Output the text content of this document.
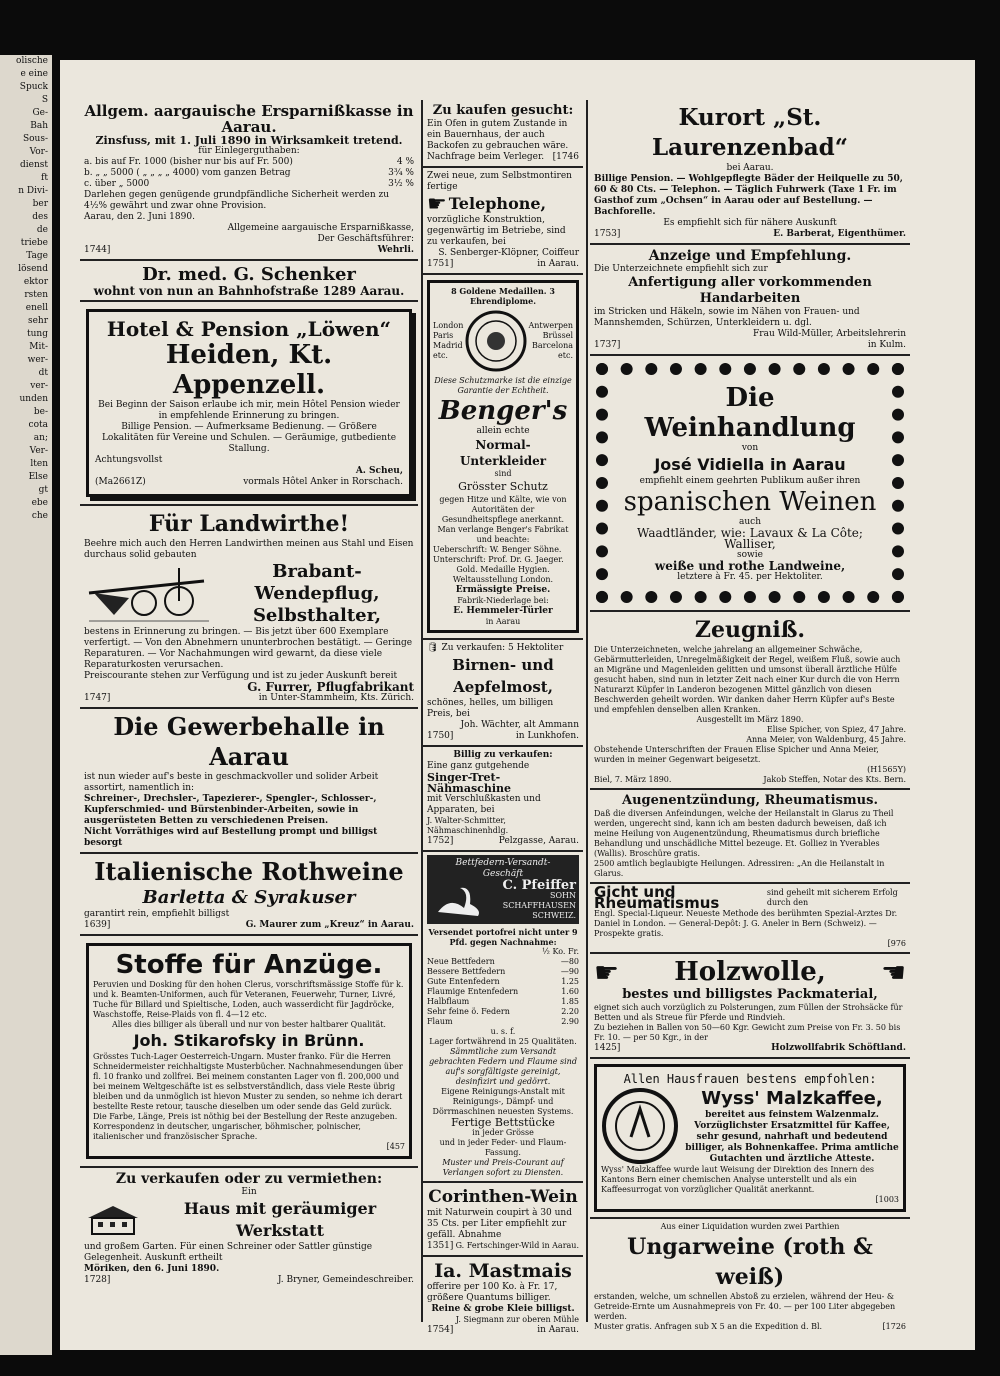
olische
e eine
Spuck
S
Ge-
Bah
Sous-
Vor-
dienst
ft
n Divi-
ber
des
de
triebe
Tage
lösend
ektor
rsten
enell
sehr
tung
Mit-
wer-
dt
ver-
unden
be-
cota
an;
Ver-
lten
Else
gt
ebe
che
Allgem. aargauische Ersparnißkasse in Aarau.
Zinsfuss, mit 1. Juli 1890 in Wirksamkeit tretend.
für Einlegerguthaben:
a. bis auf Fr. 1000 (bisher nur bis auf Fr. 500)	4 %
b. „ „ 5000 ( „ „ „ „ 4000) vom ganzen Betrag	3¾ %
c. über „ 5000	3½ %
Darlehen gegen genügende grundpfändliche Sicherheit werden zu 4½% gewährt und zwar ohne Provision.
Aarau, den 2. Juni 1890.
Allgemeine aargauische Ersparnißkasse,
Der Geschäftsführer:
1744]	Wehrli.
Dr. med. G. Schenker
wohnt von nun an Bahnhofstraße 1289 Aarau.
Hotel & Pension „Löwen“
Heiden, Kt. Appenzell.
Bei Beginn der Saison erlaube ich mir, mein Hôtel Pension wieder in empfehlende Erinnerung zu bringen.
Billige Pension. — Aufmerksame Bedienung. — Größere Lokalitäten für Vereine und Schulen. — Geräumige, gutbediente Stallung.
Achtungsvollst
A. Scheu,
(Ma2661Z)	vormals Hôtel Anker in Rorschach.
Für Landwirthe!
Beehre mich auch den Herren Landwirthen meinen aus Stahl und Eisen durchaus solid gebauten
Brabant-Wendepflug,
Selbsthalter,
bestens in Erinnerung zu bringen. — Bis jetzt über 600 Exemplare verfertigt. — Von den Abnehmern ununterbrochen bestätigt. — Geringe Reparaturen. — Vor Nachahmungen wird gewarnt, da diese viele Reparaturkosten verursachen.
Preiscourante stehen zur Verfügung und ist zu jeder Auskunft bereit
G. Furrer, Pflugfabrikant
1747]	in Unter-Stammheim, Kts. Zürich.
Die Gewerbehalle in Aarau
ist nun wieder auf's beste in geschmackvoller und solider Arbeit assortirt, namentlich in:
Schreiner-, Drechsler-, Tapezierer-, Spengler-, Schlosser-, Kupferschmied- und Bürstenbinder-Arbeiten, sowie in ausgerüsteten Betten zu verschiedenen Preisen.
Nicht Vorräthiges wird auf Bestellung prompt und billigst besorgt
Italienische Rothweine
Barletta & Syrakuser
garantirt rein, empfiehlt billigst
1639]	G. Maurer zum „Kreuz“ in Aarau.
Stoffe für Anzüge.
Peruvien und Dosking für den hohen Clerus, vorschriftsmässige Stoffe für k. und k. Beamten-Uniformen, auch für Veteranen, Feuerwehr, Turner, Livré, Tuche für Billard und Spieltische, Loden, auch wasserdicht für Jagdröcke, Waschstoffe, Reise-Plaids von fl. 4—12 etc.
Alles dies billiger als überall und nur von bester haltbarer Qualität.
Joh. Stikarofsky in Brünn.
Grösstes Tuch-Lager Oesterreich-Ungarn. Muster franko. Für die Herren Schneidermeister reichhaltigste Musterbücher. Nachnahmesendungen über fl. 10 franko und zollfrei. Bei meinem constanten Lager von fl. 200,000 und bei meinem Weltgeschäfte ist es selbstverständlich, dass viele Reste übrig bleiben und da unmöglich ist hievon Muster zu senden, so nehme ich derart bestellte Reste retour, tausche dieselben um oder sende das Geld zurück. Die Farbe, Länge, Preis ist nöthig bei der Bestellung der Reste anzugeben.
Korrespondenz in deutscher, ungarischer, böhmischer, polnischer, italienischer und französischer Sprache.
[457
Zu verkaufen oder zu vermiethen:
Ein
Haus mit geräumiger Werkstatt
und großem Garten. Für einen Schreiner oder Sattler günstige Gelegenheit. Auskunft ertheilt
Möriken, den 6. Juni 1890.
1728]	J. Bryner, Gemeindeschreiber.
Zu kaufen gesucht:
Ein Ofen in gutem Zustande in ein Bauernhaus, der auch Backofen zu gebrauchen wäre.
Nachfrage beim Verleger. [1746
Zwei neue, zum Selbstmontiren fertige
☛ Telephone,
vorzügliche Konstruktion, gegenwärtig im Betriebe, sind zu verkaufen, bei
S. Senberger-Klöpner, Coiffeur
1751]	in Aarau.
8 Goldene Medaillen. 3 Ehrendiplome.
London
Paris
Madrid
etc.
Antwerpen
Brüssel
Barcelona
etc.
Diese Schutzmarke ist die einzige Garantie der Echtheit.
Benger's
allein echte
Normal-Unterkleider
sind
Grösster Schutz
gegen Hitze und Kälte, wie von Autoritäten der Gesundheitspflege anerkannt.
Man verlange Benger's Fabrikat und beachte:
Ueberschrift: W. Benger Söhne.
Unterschrift: Prof. Dr. G. Jaeger.
Gold. Medaille Hygien. Weltausstellung London.
Ermässigte Preise.
Fabrik-Niederlage bei:
E. Hemmeler-Türler
in Aarau
🛢 Zu verkaufen: 5 Hektoliter
Birnen- und Aepfelmost,
schönes, helles, um billigen Preis, bei
Joh. Wächter, alt Ammann
1750]	in Lunkhofen.
Billig zu verkaufen:
Eine ganz gutgehende
Singer-Tret-Nähmaschine
mit Verschlußkasten und Apparaten, bei
J. Walter-Schmitter, Nähmaschinenhdlg.
1752]	Pelzgasse, Aarau.
Bettfedern-Versandt-
Geschäft
C. Pfeiffer
SOHN
SCHAFFHAUSEN
SCHWEIZ.
Versendet portofrei nicht unter 9 Pfd. gegen Nachnahme:
½ Ko. Fr.
Neue Bettfedern	—80
Bessere Bettfedern	—90
Gute Entenfedern	1.25
Flaumige Entenfedern	1.60
Halbflaum	1.85
Sehr feine ö. Federn	2.20
Flaum	2.90
u. s. f.
Lager fortwährend in 25 Qualitäten.
Sämmtliche zum Versandt gebrachten Federn und Flaume sind auf's sorgfältigste gereinigt, desinfizirt und gedörrt.
Eigene Reinigungs-Anstalt mit Reinigungs-, Dämpf- und Dörrmaschinen neuesten Systems.
Fertige Bettstücke
in jeder Grösse
und in jeder Feder- und Flaum-Fassung.
Muster und Preis-Courant auf Verlangen sofort zu Diensten.
Corinthen-Wein
mit Naturwein coupirt à 30 und 35 Cts. per Liter empfiehlt zur gefäll. Abnahme
1351] G. Fertschinger-Wild in Aarau.
Ia. Mastmais
offerire per 100 Ko. à Fr. 17, größere Quantums billiger.
Reine & grobe Kleie billigst.
J. Siegmann zur oberen Mühle
1754]	in Aarau.
Kurort „St. Laurenzenbad“
bei Aarau.
Billige Pension. — Wohlgepflegte Bäder der Heilquelle zu 50, 60 & 80 Cts. — Telephon. — Täglich Fuhrwerk (Taxe 1 Fr. im Gasthof zum „Ochsen“ in Aarau oder auf Bestellung. — Bachforelle.
Es empfiehlt sich für nähere Auskunft
1753]	E. Barberat, Eigenthümer.
Anzeige und Empfehlung.
Die Unterzeichnete empfiehlt sich zur
Anfertigung aller vorkommenden Handarbeiten
im Stricken und Häkeln, sowie im Nähen von Frauen- und Mannshemden, Schürzen, Unterkleidern u. dgl.
Frau Wild-Müller, Arbeitslehrerin
1737]	in Kulm.
Die Weinhandlung
von
José Vidiella in Aarau
empfiehlt einem geehrten Publikum außer ihren
spanischen Weinen
auch
Waadtländer, wie: Lavaux & La Côte; Walliser,
sowie
weiße und rothe Landweine,
letztere à Fr. 45. per Hektoliter.
Zeugniß.
Die Unterzeichneten, welche jahrelang an allgemeiner Schwäche, Gebärmutterleiden, Unregelmäßigkeit der Regel, weißem Fluß, sowie auch an Migräne und Magenleiden gelitten und umsonst überall ärztliche Hülfe gesucht haben, sind nun in letzter Zeit nach einer Kur durch die von Herrn Naturarzt Küpfer in Landeron bezogenen Mittel gänzlich von diesen Beschwerden geheilt worden. Wir danken daher Herrn Küpfer auf's Beste und empfehlen denselben allen Kranken.
Ausgestellt im März 1890.
Elise Spicher, von Spiez, 47 Jahre.
Anna Meier, von Waldenburg, 45 Jahre.
Obstehende Unterschriften der Frauen Elise Spicher und Anna Meier, wurden in meiner Gegenwart beigesetzt.
(H1565Y)
Biel, 7. März 1890.	Jakob Steffen, Notar des Kts. Bern.
Augenentzündung, Rheumatismus.
Daß die diversen Anfeindungen, welche der Heilanstalt in Glarus zu Theil werden, ungerecht sind, kann ich am besten dadurch beweisen, daß ich meine Heilung von Augenentzündung, Rheumatismus durch briefliche Behandlung und unschädliche Mittel bezeuge. Et. Golliez in Yverables (Wallis). Broschüre gratis.
2500 amtlich beglaubigte Heilungen. Adressiren: „An die Heilanstalt in Glarus.
Gicht und Rheumatismus
sind geheilt mit sicherem Erfolg durch den
Engl. Special-Liqueur. Neueste Methode des berühmten Spezial-Arztes Dr. Daniel in London. — General-Depôt: J. G. Aneler in Bern (Schweiz). — Prospekte gratis.
[976
☛ Holzwolle, ☛
bestes und billigstes Packmaterial,
eignet sich auch vorzüglich zu Polsterungen, zum Füllen der Strohsäcke für Betten und als Streue für Pferde und Rindvieh.
Zu beziehen in Ballen von 50—60 Kgr. Gewicht zum Preise von Fr. 3. 50 bis Fr. 10. — per 50 Kgr., in der
1425]	Holzwollfabrik Schöftland.
Allen Hausfrauen bestens empfohlen:
Wyss' Malzkaffee,
bereitet aus feinstem Walzenmalz. Vorzüglichster Ersatzmittel für Kaffee, sehr gesund, nahrhaft und bedeutend billiger, als Bohnenkaffee. Prima amtliche Gutachten und ärztliche Atteste.
Wyss' Malzkaffee wurde laut Weisung der Direktion des Innern des Kantons Bern einer chemischen Analyse unterstellt und als ein Kaffeesurrogat von vorzüglicher Qualität anerkannt.
[1003
Aus einer Liquidation wurden zwei Parthien
Ungarweine (roth & weiß)
erstanden, welche, um schnellen Abstoß zu erzielen, während der Heu- & Getreide-Ernte um Ausnahmepreis von Fr. 40. — per 100 Liter abgegeben werden.
Muster gratis. Anfragen sub X 5 an die Expedition d. Bl.	[1726
